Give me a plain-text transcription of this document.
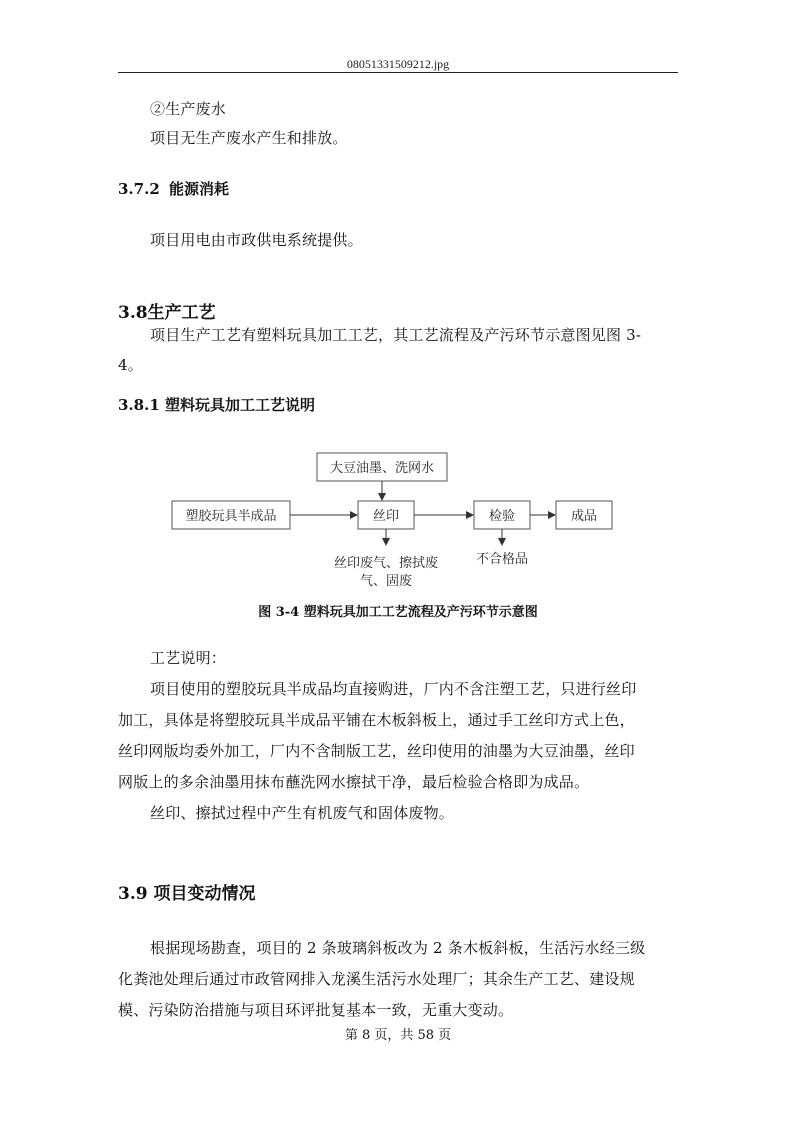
08051331509212.jpg

②生产废水

项目无生产废水产生和排放。

3.7.2 能源消耗

项目用电由市政供电系统提供。

3.8生产工艺

项目生产工艺有塑料玩具加工工艺，其工艺流程及产污环节示意图见图 3-

4。

3.8.1 塑料玩具加工工艺说明
大豆油墨、洗网水
塑胶玩具半成品	丝印	检验	成品
丝印废气、擦拭废
气、固废
不合格品
图 3-4 塑料玩具加工工艺流程及产污环节示意图

工艺说明：

项目使用的塑胶玩具半成品均直接购进，厂内不含注塑工艺，只进行丝印

加工，具体是将塑胶玩具半成品平铺在木板斜板上，通过手工丝印方式上色，

丝印网版均委外加工，厂内不含制版工艺，丝印使用的油墨为大豆油墨，丝印

网版上的多余油墨用抹布蘸洗网水擦拭干净，最后检验合格即为成品。

丝印、擦拭过程中产生有机废气和固体废物。

3.9 项目变动情况

根据现场勘查，项目的 2 条玻璃斜板改为 2 条木板斜板，生活污水经三级

化粪池处理后通过市政管网排入龙溪生活污水处理厂；其余生产工艺、建设规

模、污染防治措施与项目环评批复基本一致，无重大变动。

第 8 页，共 58 页
